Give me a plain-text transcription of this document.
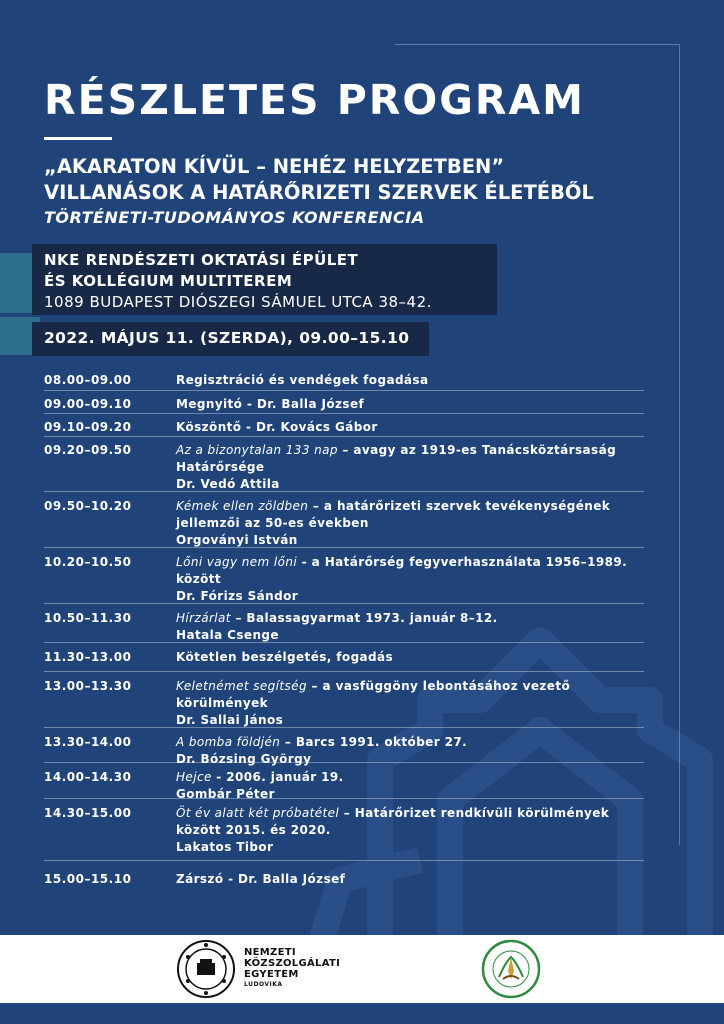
RÉSZLETES PROGRAM
„AKARATON KÍVÜL – NEHÉZ HELYZETBEN”
VILLANÁSOK A HATÁRŐRIZETI SZERVEK ÉLETÉBŐL
TÖRTÉNETI-TUDOMÁNYOS KONFERENCIA
NKE RENDÉSZETI OKTATÁSI ÉPÜLET
ÉS KOLLÉGIUM MULTITEREM
1089 BUDAPEST DIÓSZEGI SÁMUEL UTCA 38–42.
2022. MÁJUS 11. (SZERDA), 09.00–15.10
08.00–09.00	Regisztráció és vendégek fogadása
09.00–09.10	Megnyitó - Dr. Balla József
09.10–09.20	Köszöntő - Dr. Kovács Gábor
09.20–09.50	Az a bizonytalan 133 nap – avagy az 1919-es Tanácsköztársaság Határőrsége
Dr. Vedó Attila
09.50–10.20	Kémek ellen zöldben – a határőrizeti szervek tevékenységének jellemzői az 50-es években
Orgoványi István
10.20–10.50	Lőni vagy nem lőni - a Határőrség fegyverhasználata 1956–1989. között
Dr. Fórizs Sándor
10.50–11.30	Hírzárlat – Balassagyarmat 1973. január 8–12.
Hatala Csenge
11.30–13.00	Kötetlen beszélgetés, fogadás
13.00–13.30	Keletnémet segítség – a vasfüggöny lebontásához vezető körülmények
Dr. Sallai János
13.30–14.00	A bomba földjén – Barcs 1991. október 27.
Dr. Bózsing György
14.00–14.30	Hejce - 2006. január 19.
Gombár Péter
14.30–15.00	Öt év alatt két próbatétel – Határőrizet rendkívüli körülmények között 2015. és 2020.
Lakatos Tibor
15.00–15.10	Zárszó - Dr. Balla József
NEMZETI
KÖZSZOLGÁLATI
EGYETEM
LUDOVIKA
